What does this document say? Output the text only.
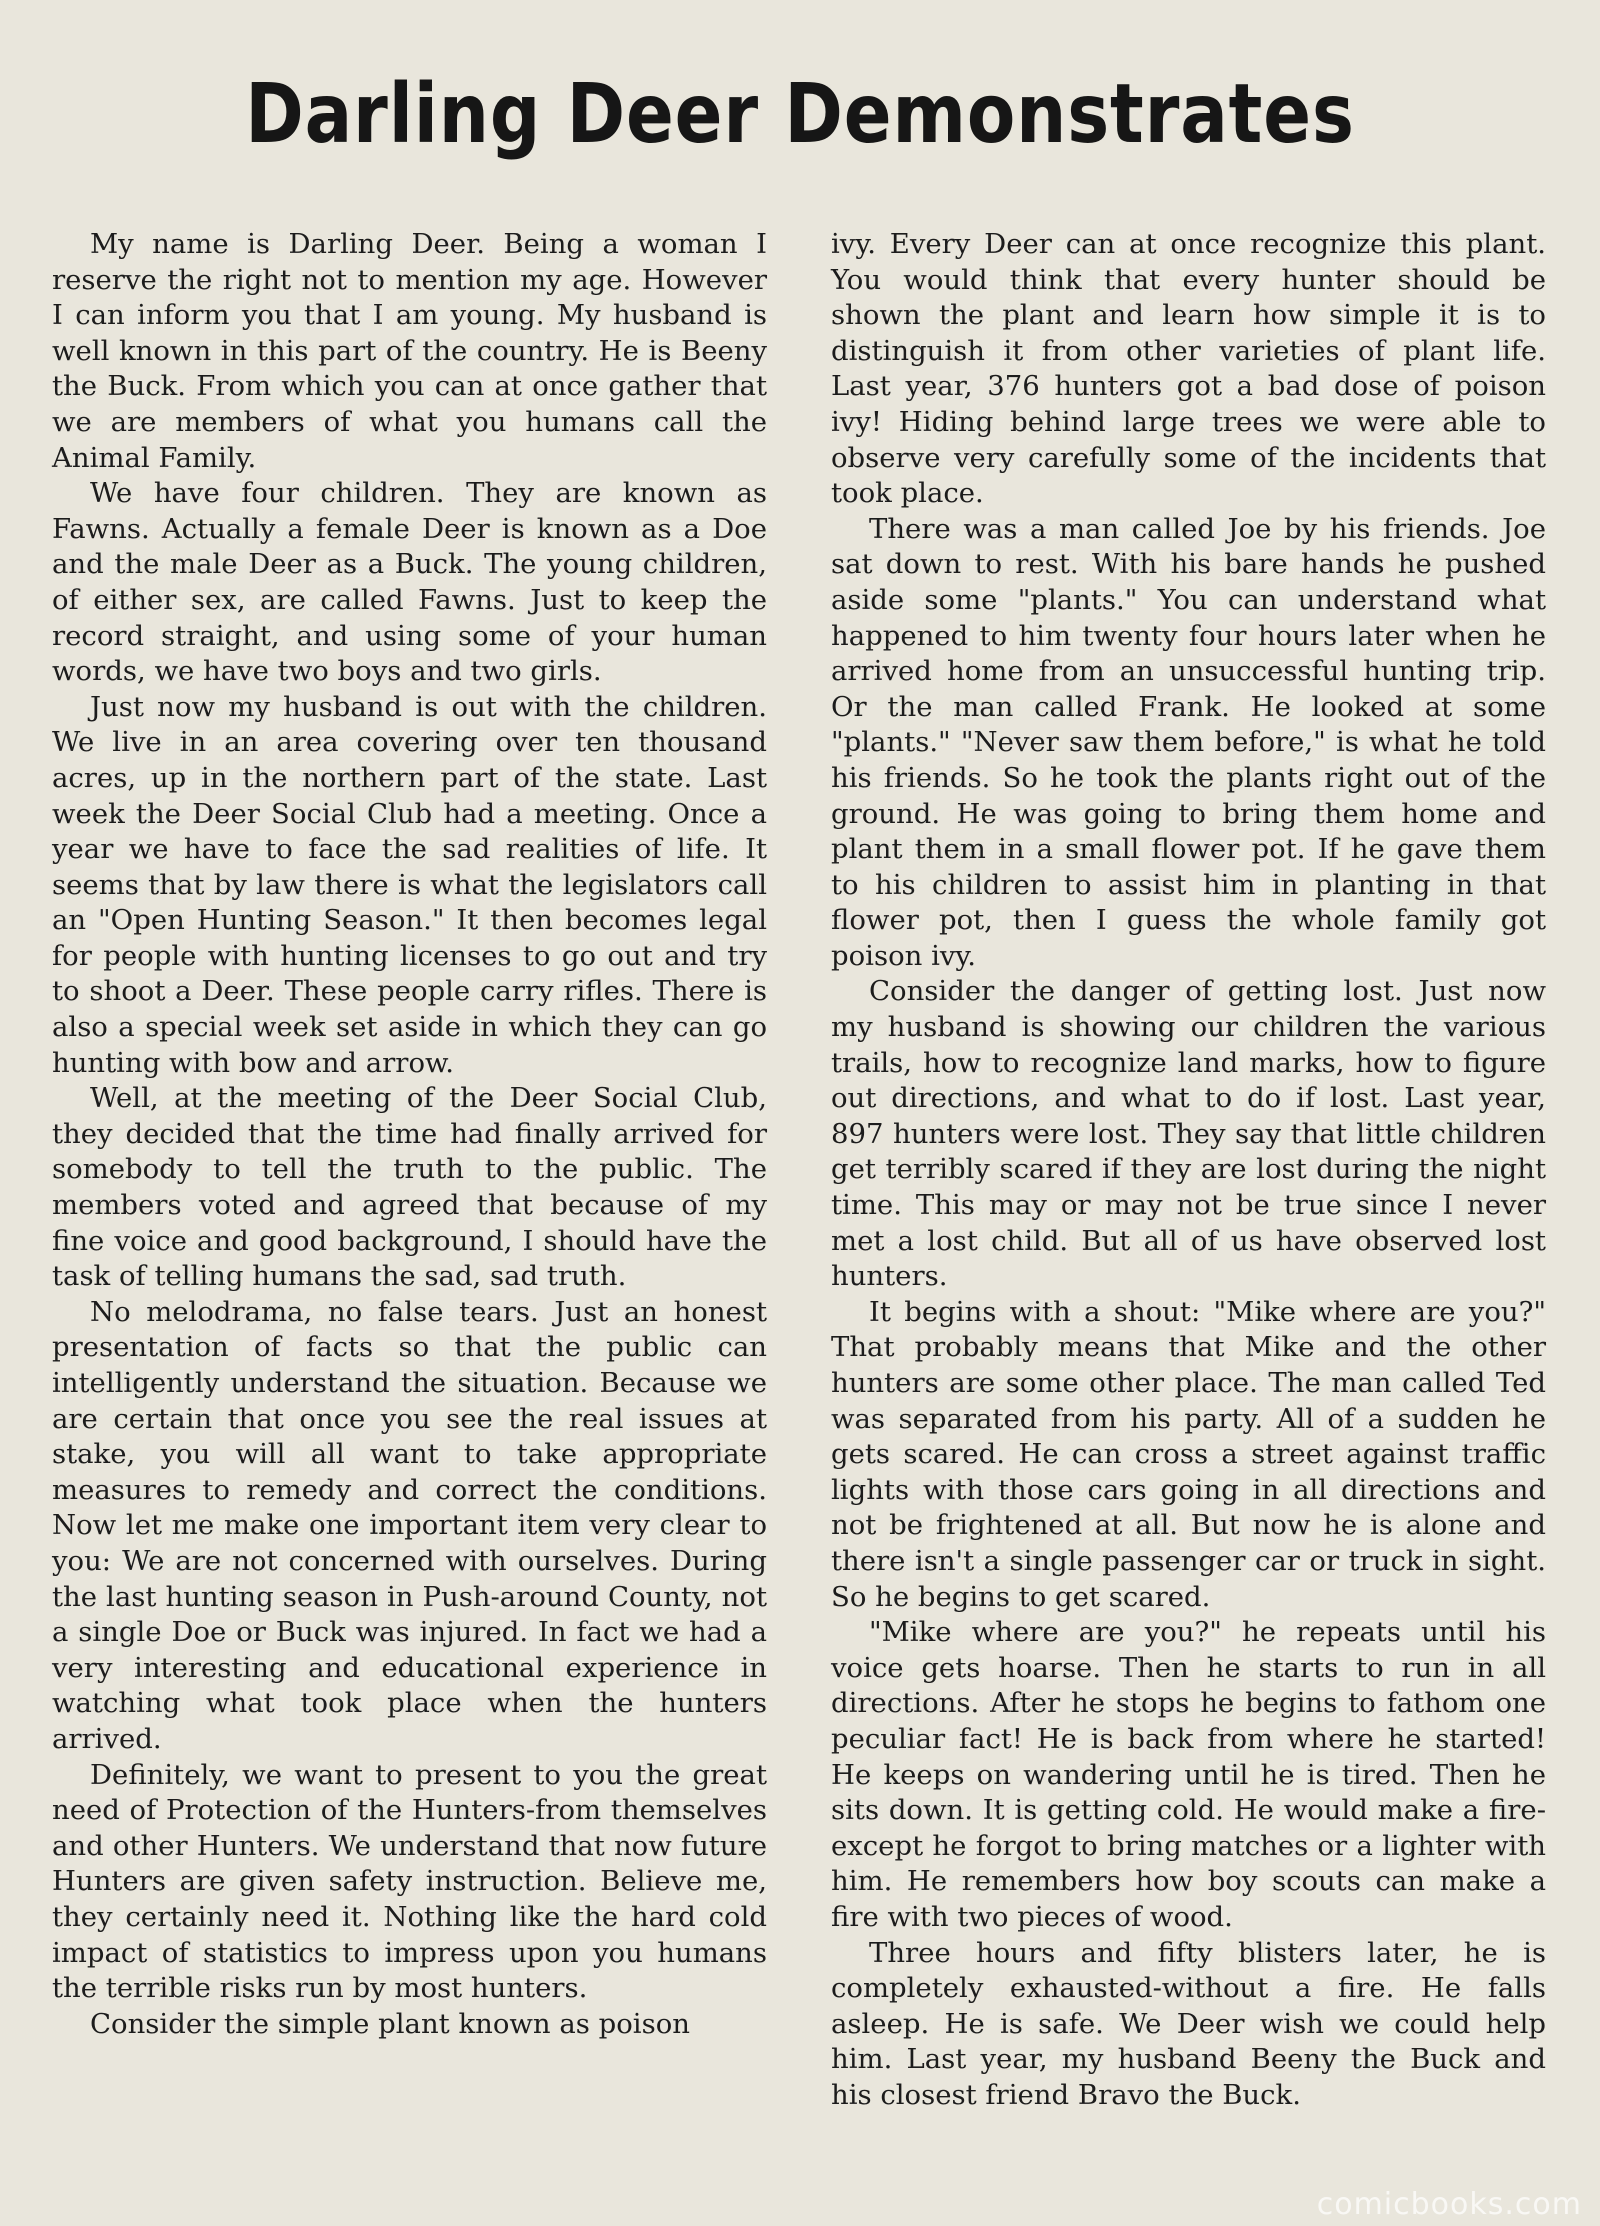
Darling Deer Demonstrates

My name is Darling Deer. Being a woman I reserve the right not to mention my age. However I can inform you that I am young. My husband is well known in this part of the country. He is Beeny the Buck. From which you can at once gather that we are members of what you humans call the Animal Family.

We have four children. They are known as Fawns. Actually a female Deer is known as a Doe and the male Deer as a Buck. The young children, of either sex, are called Fawns. Just to keep the record straight, and using some of your human words, we have two boys and two girls.

Just now my husband is out with the children. We live in an area covering over ten thousand acres, up in the northern part of the state. Last week the Deer Social Club had a meeting. Once a year we have to face the sad realities of life. It seems that by law there is what the legislators call an "Open Hunting Season." It then becomes legal for people with hunting licenses to go out and try to shoot a Deer. These people carry rifles. There is also a special week set aside in which they can go hunting with bow and arrow.

Well, at the meeting of the Deer Social Club, they decided that the time had finally arrived for somebody to tell the truth to the public. The members voted and agreed that because of my fine voice and good background, I should have the task of telling humans the sad, sad truth.

No melodrama, no false tears. Just an honest presentation of facts so that the public can intelligently understand the situation. Because we are certain that once you see the real issues at stake, you will all want to take appropriate measures to remedy and correct the conditions. Now let me make one important item very clear to you: We are not concerned with ourselves. During the last hunting season in Push-around County, not a single Doe or Buck was injured. In fact we had a very interesting and educational experience in watching what took place when the hunters arrived.

Definitely, we want to present to you the great need of Protection of the Hunters-from themselves and other Hunters. We understand that now future Hunters are given safety instruction. Believe me, they certainly need it. Nothing like the hard cold impact of statistics to impress upon you humans the terrible risks run by most hunters.

Consider the simple plant known as poison

ivy. Every Deer can at once recognize this plant. You would think that every hunter should be shown the plant and learn how simple it is to distinguish it from other varieties of plant life. Last year, 376 hunters got a bad dose of poison ivy! Hiding behind large trees we were able to observe very carefully some of the incidents that took place.

There was a man called Joe by his friends. Joe sat down to rest. With his bare hands he pushed aside some "plants." You can understand what happened to him twenty four hours later when he arrived home from an unsuccessful hunting trip. Or the man called Frank. He looked at some "plants." "Never saw them before," is what he told his friends. So he took the plants right out of the ground. He was going to bring them home and plant them in a small flower pot. If he gave them to his children to assist him in planting in that flower pot, then I guess the whole family got poison ivy.

Consider the danger of getting lost. Just now my husband is showing our children the various trails, how to recognize land marks, how to figure out directions, and what to do if lost. Last year, 897 hunters were lost. They say that little children get terribly scared if they are lost during the night time. This may or may not be true since I never met a lost child. But all of us have observed lost hunters.

It begins with a shout: "Mike where are you?" That probably means that Mike and the other hunters are some other place. The man called Ted was separated from his party. All of a sudden he gets scared. He can cross a street against traffic lights with those cars going in all directions and not be frightened at all. But now he is alone and there isn't a single passenger car or truck in sight. So he begins to get scared.

"Mike where are you?" he repeats until his voice gets hoarse. Then he starts to run in all directions. After he stops he begins to fathom one peculiar fact! He is back from where he started! He keeps on wandering until he is tired. Then he sits down. It is getting cold. He would make a fire-except he forgot to bring matches or a lighter with him. He remembers how boy scouts can make a fire with two pieces of wood.

Three hours and fifty blisters later, he is completely exhausted-without a fire. He falls asleep. He is safe. We Deer wish we could help him. Last year, my husband Beeny the Buck and his closest friend Bravo the Buck.

comicbooks.com
